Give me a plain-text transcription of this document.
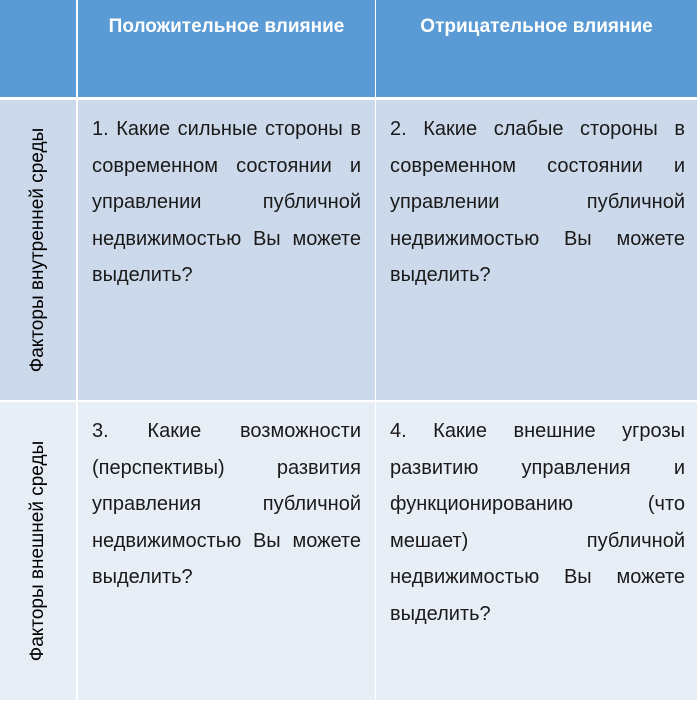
Положительное влияние	Отрицательное влияние
Факторы внутренней среды	1. Какие сильные стороны в современном состоянии и управлении публичной недвижимостью Вы можете выделить?
2. Какие слабые стороны в современном состоянии и управлении публичной недвижимостью Вы можете выделить?
Факторы внешней среды
3. Какие возможности (перспективы) развития управления публичной недвижимостью Вы можете выделить?
4. Какие внешние угрозы развитию управления и функционированию (что мешает) публичной недвижимостью Вы можете выделить?
